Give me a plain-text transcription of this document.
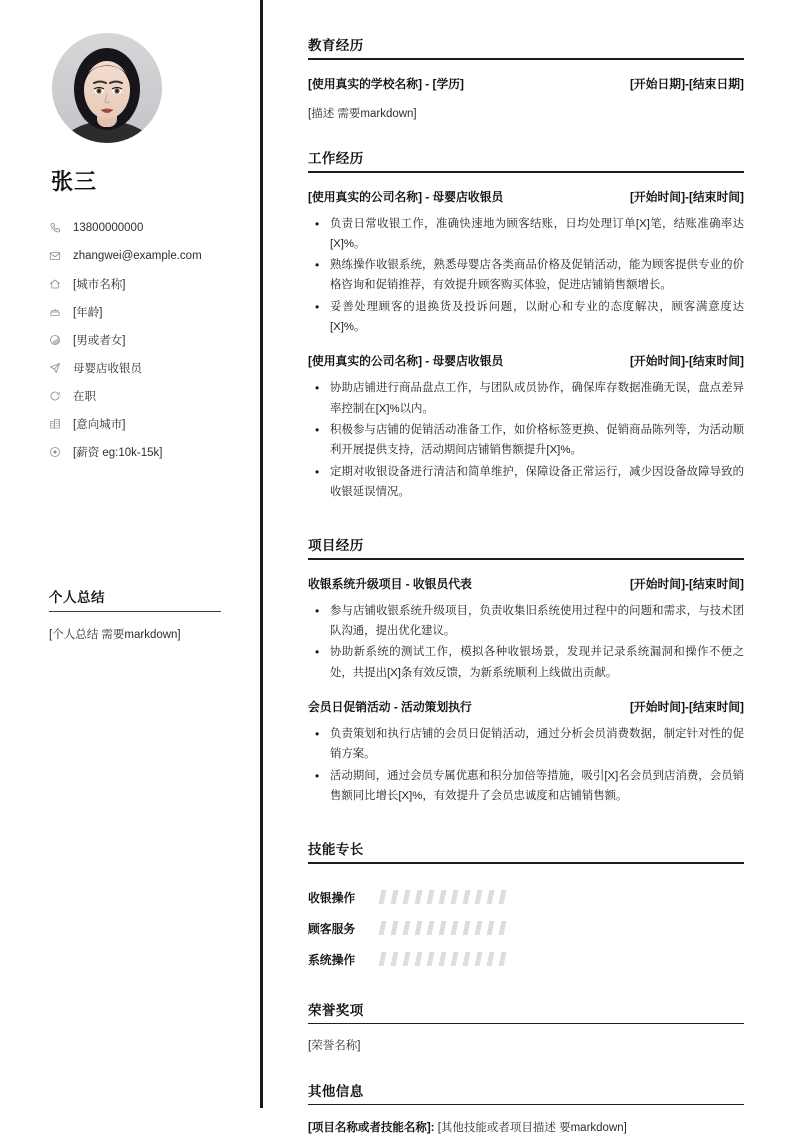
张三
13800000000
zhangwei@example.com
[城市名称]
[年龄]
[男或者女]
母婴店收银员
在职
[意向城市]
[薪资 eg:10k-15k]
个人总结
[个人总结 需要markdown]
教育经历
[使用真实的学校名称] - [学历]	[开始日期]-[结束日期]
[描述 需要markdown]
工作经历
[使用真实的公司名称] - 母婴店收银员	[开始时间]-[结束时间]
• 负责日常收银工作，准确快速地为顾客结账，日均处理订单[X]笔，结账准确率达[X]%。
• 熟练操作收银系统，熟悉母婴店各类商品价格及促销活动，能为顾客提供专业的价格咨询和促销推荐，有效提升顾客购买体验，促进店铺销售额增长。
• 妥善处理顾客的退换货及投诉问题，以耐心和专业的态度解决，顾客满意度达[X]%。
[使用真实的公司名称] - 母婴店收银员	[开始时间]-[结束时间]
• 协助店铺进行商品盘点工作，与团队成员协作，确保库存数据准确无误，盘点差异率控制在[X]%以内。
• 积极参与店铺的促销活动准备工作，如价格标签更换、促销商品陈列等，为活动顺利开展提供支持，活动期间店铺销售额提升[X]%。
• 定期对收银设备进行清洁和简单维护，保障设备正常运行，减少因设备故障导致的收银延误情况。
项目经历
收银系统升级项目 - 收银员代表	[开始时间]-[结束时间]
• 参与店铺收银系统升级项目，负责收集旧系统使用过程中的问题和需求，与技术团队沟通，提出优化建议。
• 协助新系统的测试工作，模拟各种收银场景，发现并记录系统漏洞和操作不便之处，共提出[X]条有效反馈，为新系统顺利上线做出贡献。
会员日促销活动 - 活动策划执行	[开始时间]-[结束时间]
• 负责策划和执行店铺的会员日促销活动，通过分析会员消费数据，制定针对性的促销方案。
• 活动期间，通过会员专属优惠和积分加倍等措施，吸引[X]名会员到店消费，会员销售额同比增长[X]%，有效提升了会员忠诚度和店铺销售额。
技能专长
收银操作
顾客服务
系统操作
荣誉奖项
[荣誉名称]
其他信息
[项目名称或者技能名称]: [其他技能或者项目描述 要markdown]
